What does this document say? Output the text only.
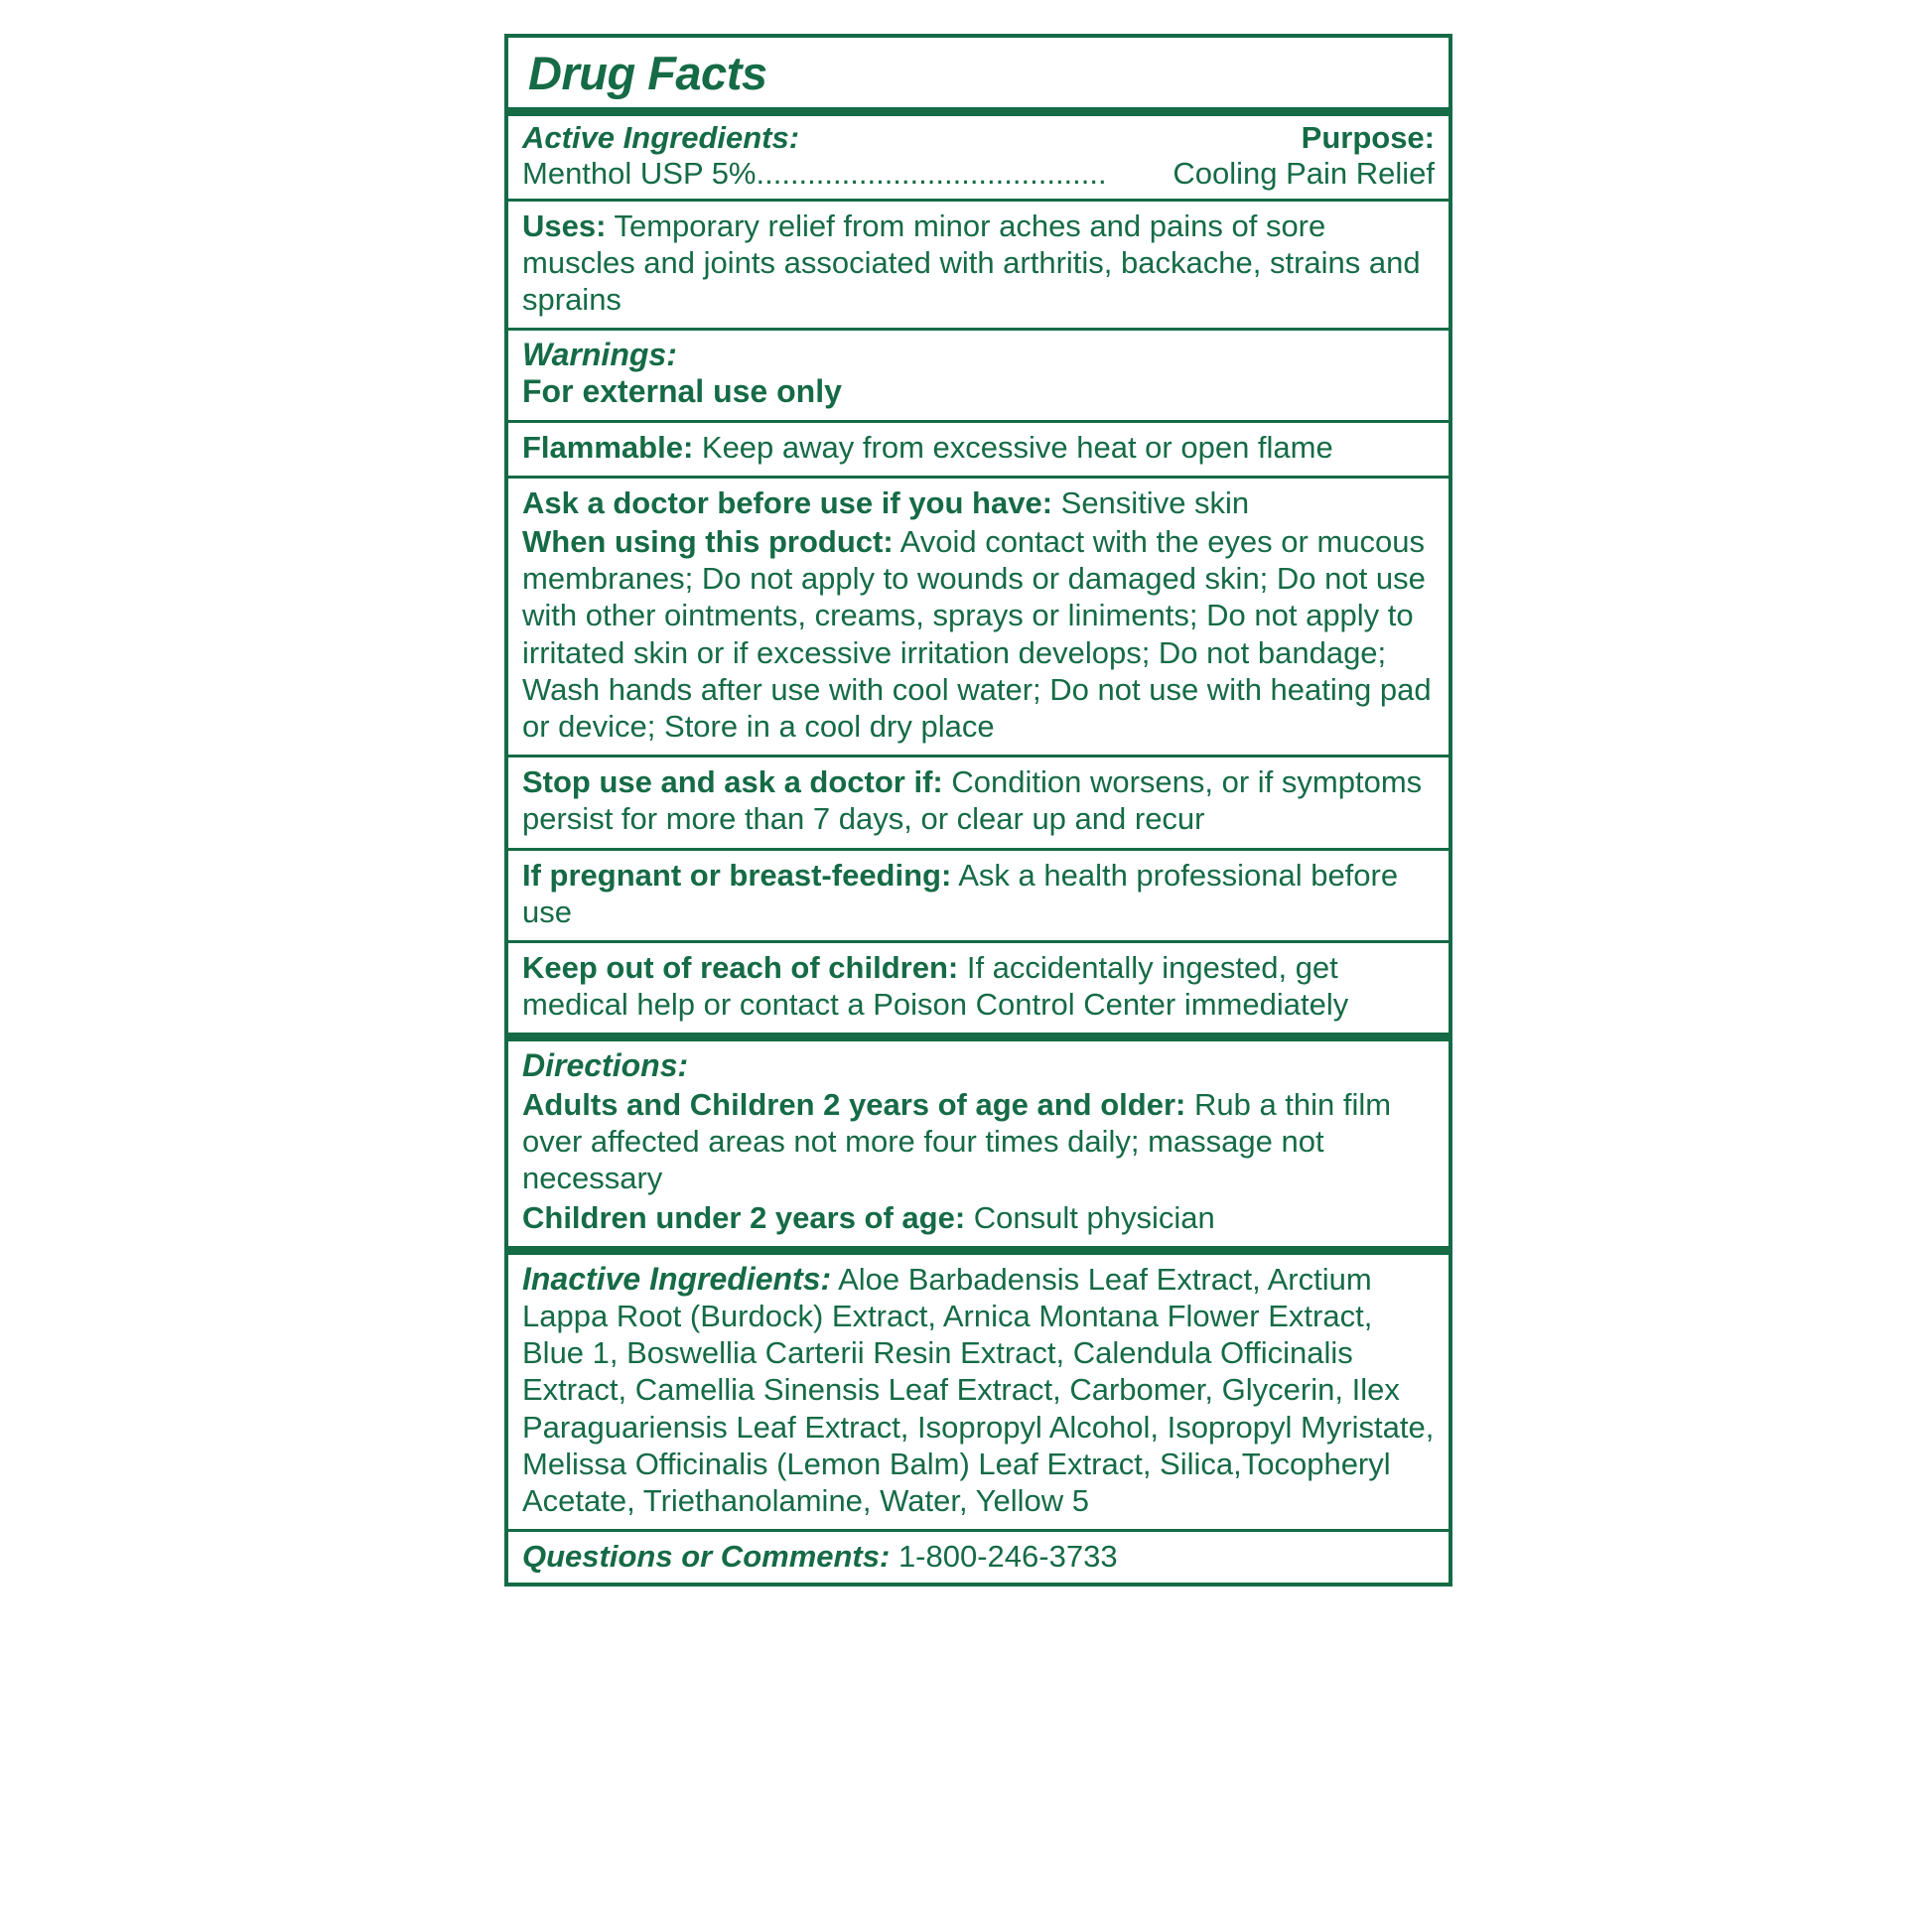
Drug Facts
Active Ingredients:	Purpose:
Menthol USP 5%......................................... Cooling Pain Relief
Uses: Temporary relief from minor aches and pains of sore muscles and joints associated with arthritis, backache, strains and sprains
Warnings:
For external use only
Flammable: Keep away from excessive heat or open flame
Ask a doctor before use if you have: Sensitive skin
When using this product: Avoid contact with the eyes or mucous membranes; Do not apply to wounds or damaged skin; Do not use with other ointments, creams, sprays or liniments; Do not apply to irritated skin or if excessive irritation develops; Do not bandage; Wash hands after use with cool water; Do not use with heating pad or device; Store in a cool dry place
Stop use and ask a doctor if: Condition worsens, or if symptoms persist for more than 7 days, or clear up and recur
If pregnant or breast-feeding: Ask a health professional before use
Keep out of reach of children: If accidentally ingested, get medical help or contact a Poison Control Center immediately
Directions:
Adults and Children 2 years of age and older: Rub a thin film over affected areas not more four times daily; massage not necessary
Children under 2 years of age: Consult physician
Inactive Ingredients: Aloe Barbadensis Leaf Extract, Arctium Lappa Root (Burdock) Extract, Arnica Montana Flower Extract, Blue 1, Boswellia Carterii Resin Extract, Calendula Officinalis Extract, Camellia Sinensis Leaf Extract, Carbomer, Glycerin, Ilex Paraguariensis Leaf Extract, Isopropyl Alcohol, Isopropyl Myristate, Melissa Officinalis (Lemon Balm) Leaf Extract, Silica,Tocopheryl Acetate, Triethanolamine, Water, Yellow 5
Questions or Comments: 1-800-246-3733
